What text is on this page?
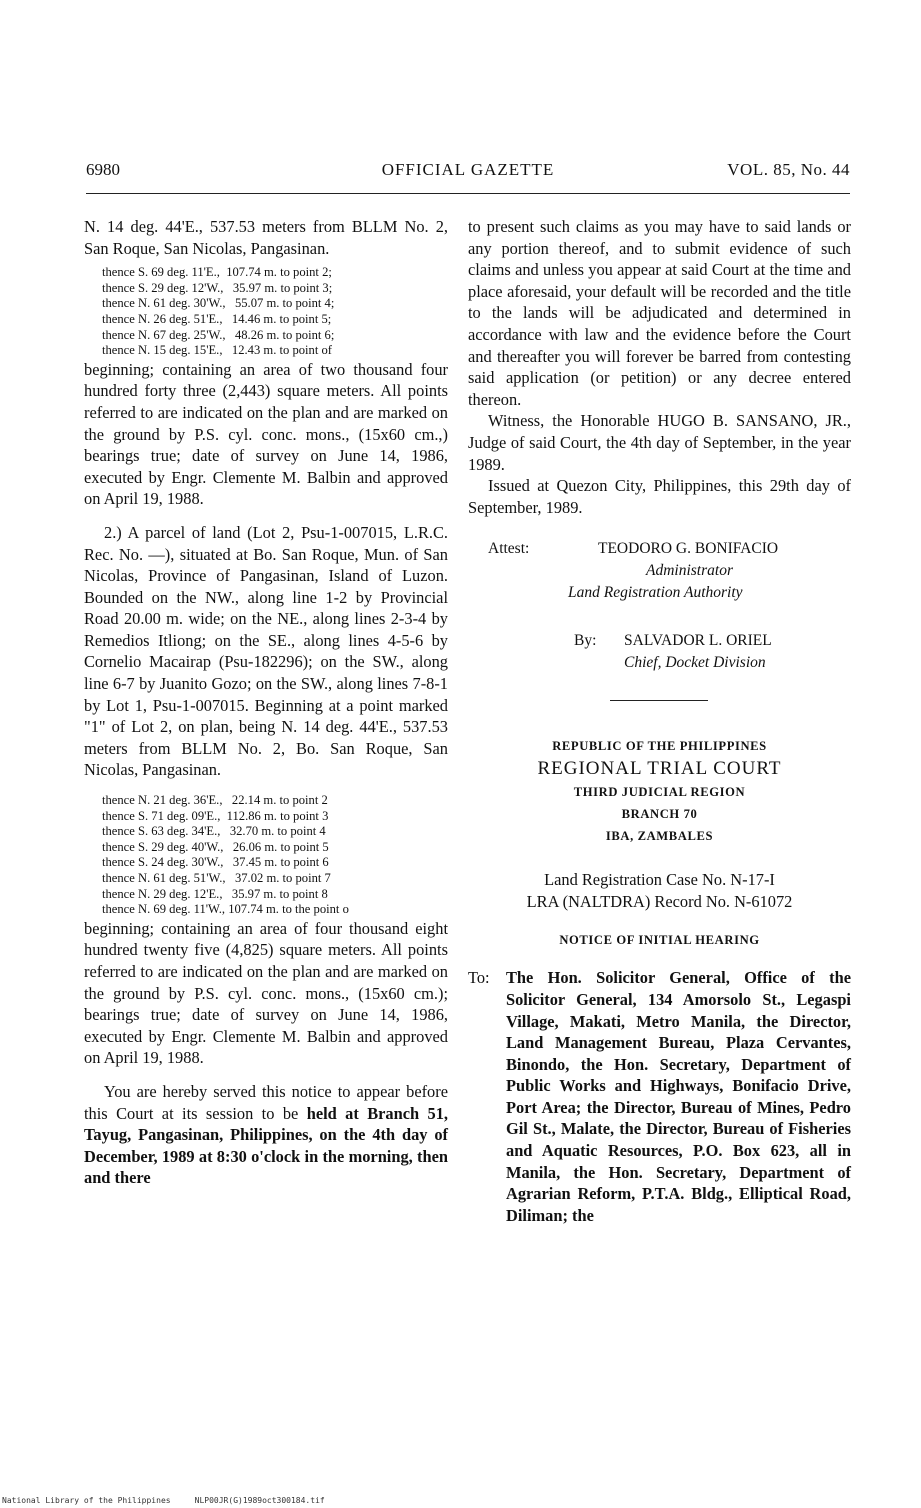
6980	OFFICIAL GAZETTE	VOL. 85, No. 44

N. 14 deg. 44'E., 537.53 meters from BLLM No. 2, San Roque, San Nicolas, Pangasinan.

thence S. 69 deg. 11'E.,  107.74 m. to point 2;
thence S. 29 deg. 12'W.,   35.97 m. to point 3;
thence N. 61 deg. 30'W.,   55.07 m. to point 4;
thence N. 26 deg. 51'E.,   14.46 m. to point 5;
thence N. 67 deg. 25'W.,   48.26 m. to point 6;
thence N. 15 deg. 15'E.,   12.43 m. to point of

beginning; containing an area of two thousand four hundred forty three (2,443) square meters. All points referred to are indicated on the plan and are marked on the ground by P.S. cyl. conc. mons., (15x60 cm.,) bearings true; date of survey on June 14, 1986, executed by Engr. Clemente M. Balbin and approved on April 19, 1988.

2.) A parcel of land (Lot 2, Psu-1-007015, L.R.C. Rec. No. —), situated at Bo. San Roque, Mun. of San Nicolas, Province of Pangasinan, Island of Luzon. Bounded on the NW., along line 1-2 by Provincial Road 20.00 m. wide; on the NE., along lines 2-3-4 by Remedios Itliong; on the SE., along lines 4-5-6 by Cornelio Macairap (Psu-182296); on the SW., along line 6-7 by Juanito Gozo; on the SW., along lines 7-8-1 by Lot 1, Psu-1-007015. Beginning at a point marked "1" of Lot 2, on plan, being N. 14 deg. 44'E., 537.53 meters from BLLM No. 2, Bo. San Roque, San Nicolas, Pangasinan.

thence N. 21 deg. 36'E.,   22.14 m. to point 2
thence S. 71 deg. 09'E.,  112.86 m. to point 3
thence S. 63 deg. 34'E.,   32.70 m. to point 4
thence S. 29 deg. 40'W.,   26.06 m. to point 5
thence S. 24 deg. 30'W.,   37.45 m. to point 6
thence N. 61 deg. 51'W.,   37.02 m. to point 7
thence N. 29 deg. 12'E.,   35.97 m. to point 8
thence N. 69 deg. 11'W., 107.74 m. to the point o

beginning; containing an area of four thousand eight hundred twenty five (4,825) square meters. All points referred to are indicated on the plan and are marked on the ground by P.S. cyl. conc. mons., (15x60 cm.); bearings true; date of survey on June 14, 1986, executed by Engr. Clemente M. Balbin and approved on April 19, 1988.

You are hereby served this notice to appear before this Court at its session to be held at Branch 51, Tayug, Pangasinan, Philippines, on the 4th day of December, 1989 at 8:30 o'clock in the morning, then and there

to present such claims as you may have to said lands or any portion thereof, and to submit evidence of such claims and unless you appear at said Court at the time and place aforesaid, your default will be recorded and the title to the lands will be adjudicated and determined in accordance with law and the evidence before the Court and thereafter you will forever be barred from contesting said application (or petition) or any decree entered thereon.

Witness, the Honorable HUGO B. SANSANO, JR., Judge of said Court, the 4th day of September, in the year 1989.

Issued at Quezon City, Philippines, this 29th day of September, 1989.

Attest:	TEODORO G. BONIFACIO
Administrator
Land Registration Authority
By: SALVADOR L. ORIEL
Chief, Docket Division
REPUBLIC OF THE PHILIPPINES
REGIONAL TRIAL COURT
THIRD JUDICIAL REGION
BRANCH 70
IBA, ZAMBALES
Land Registration Case No. N-17-I
LRA (NALTDRA) Record No. N-61072
NOTICE OF INITIAL HEARING
To: The Hon. Solicitor General, Office of the Solicitor General, 134 Amorsolo St., Legaspi Village, Makati, Metro Manila, the Director, Land Management Bureau, Plaza Cervantes, Binondo, the Hon. Secretary, Department of Public Works and Highways, Bonifacio Drive, Port Area; the Director, Bureau of Mines, Pedro Gil St., Malate, the Director, Bureau of Fisheries and Aquatic Resources, P.O. Box 623, all in Manila, the Hon. Secretary, Department of Agrarian Reform, P.T.A. Bldg., Elliptical Road, Diliman; the

National Library of the Philippines     NLP00JR(G)1989oct300184.tif
